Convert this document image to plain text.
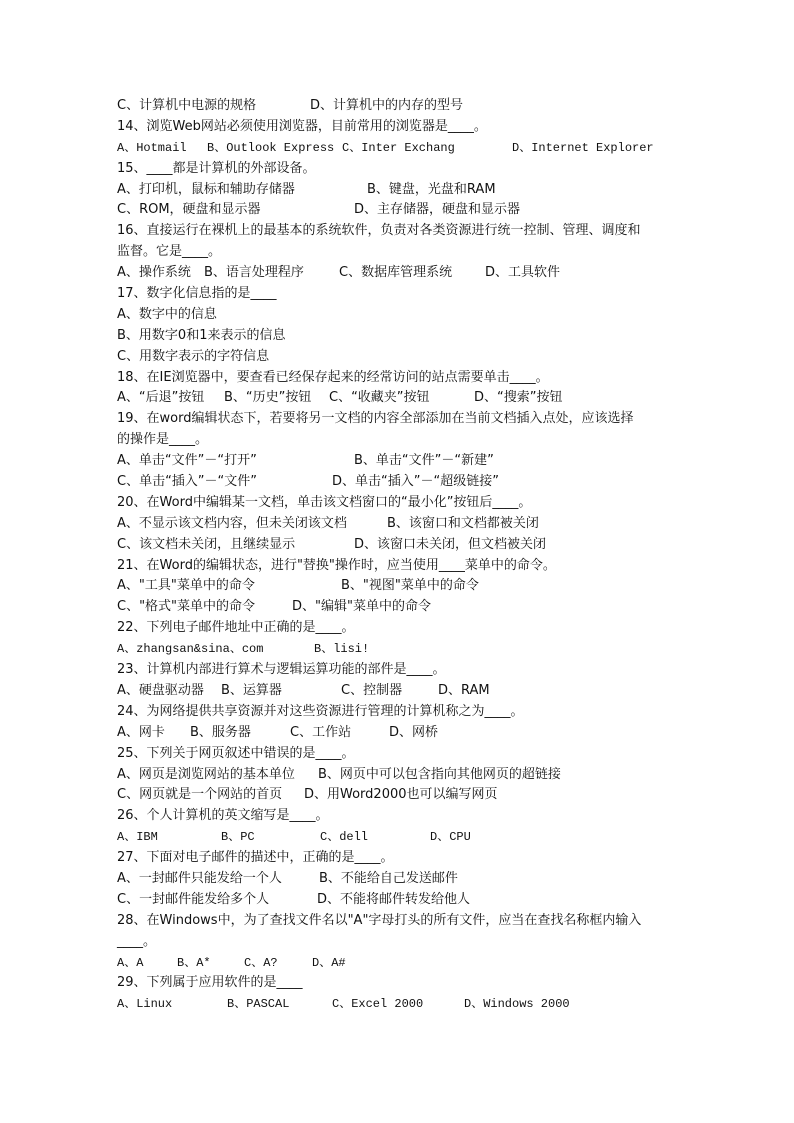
C、计算机中电源的规格	D、计算机中的内存的型号
14、浏览Web网站必须使用浏览器，目前常用的浏览器是____。
A、Hotmail B、Outlook Express C、Inter Exchang	D、Internet Explorer
15、____都是计算机的外部设备。
A、打印机，鼠标和辅助存储器	B、键盘，光盘和RAM
C、ROM，硬盘和显示器	D、主存储器，硬盘和显示器
16、直接运行在裸机上的最基本的系统软件，负责对各类资源进行统一控制、管理、调度和
监督。它是____。
A、操作系统 B、语言处理程序	C、数据库管理系统	D、工具软件
17、数字化信息指的是____
A、数字中的信息
B、用数字0和1来表示的信息
C、用数字表示的字符信息
18、在IE浏览器中，要查看已经保存起来的经常访问的站点需要单击____。
A、“后退”按钮 B、“历史”按钮 C、“收藏夹”按钮	D、“搜索”按钮
19、在word编辑状态下，若要将另一文档的内容全部添加在当前文档插入点处，应该选择
的操作是____。
A、单击“文件”－“打开”	B、单击“文件”－“新建”
C、单击“插入”－“文件”	D、单击“插入”－“超级链接”
20、在Word中编辑某一文档，单击该文档窗口的“最小化”按钮后____。
A、不显示该文档内容，但未关闭该文档	B、该窗口和文档都被关闭
C、该文档未关闭，且继续显示	D、该窗口未关闭，但文档被关闭
21、在Word的编辑状态，进行"替换"操作时，应当使用____菜单中的命令。
A、"工具"菜单中的命令	B、"视图"菜单中的命令
C、"格式"菜单中的命令	D、"编辑"菜单中的命令
22、下列电子邮件地址中正确的是____。
A、zhangsan&sina、com	B、lisi!
23、计算机内部进行算术与逻辑运算功能的部件是____。
A、硬盘驱动器 B、运算器	C、控制器	D、RAM
24、为网络提供共享资源并对这些资源进行管理的计算机称之为____。
A、网卡 B、服务器	C、工作站	D、网桥
25、下列关于网页叙述中错误的是____。
A、网页是浏览网站的基本单位 B、网页中可以包含指向其他网页的超链接
C、网页就是一个网站的首页 D、用Word2000也可以编写网页
26、个人计算机的英文缩写是____。
A、IBM	B、PC	C、dell	D、CPU
27、下面对电子邮件的描述中，正确的是____。
A、一封邮件只能发给一个人	B、不能给自己发送邮件
C、一封邮件能发给多个人	D、不能将邮件转发给他人
28、在Windows中，为了查找文件名以"A"字母打头的所有文件，应当在查找名称框内输入
____。
A、A	B、A*	C、A?	D、A#
29、下列属于应用软件的是____
A、Linux	B、PASCAL	C、Excel 2000	D、Windows 2000
